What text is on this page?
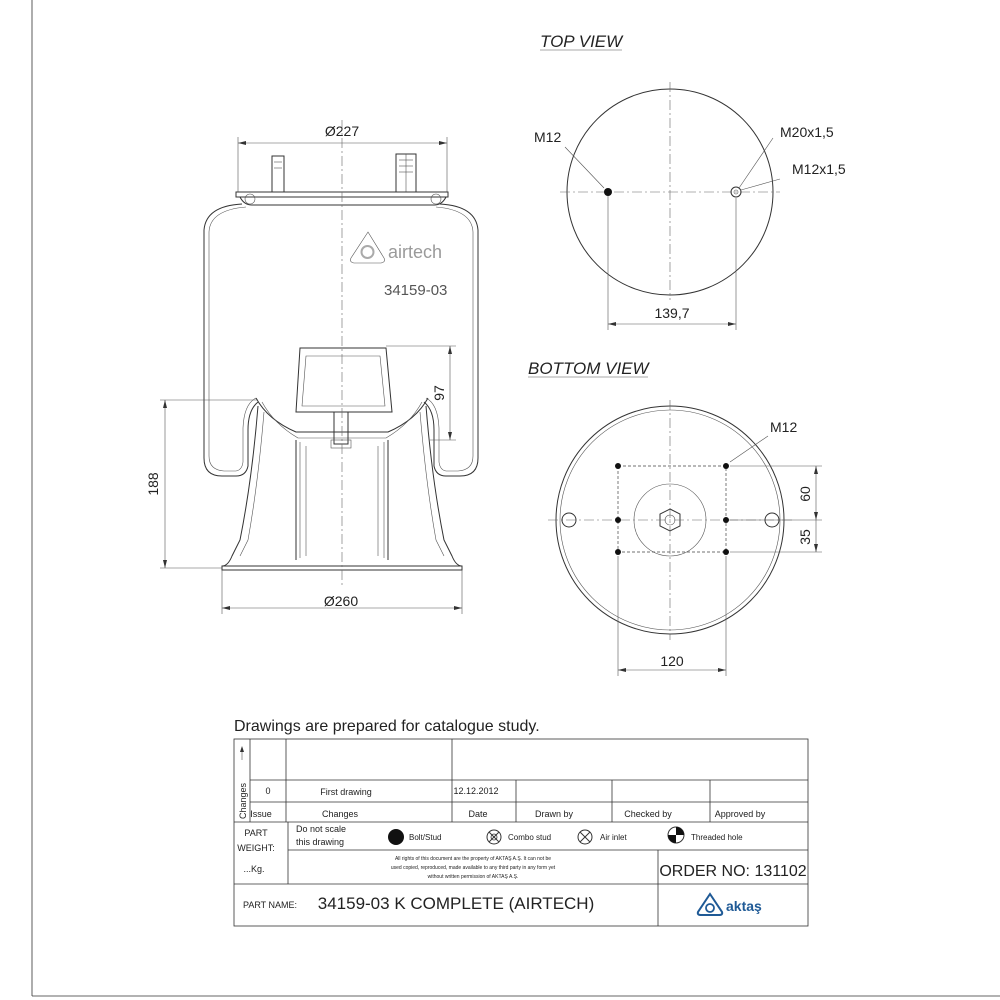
Ø227
airtech
34159-03
188
97
Ø260
TOP VIEW
M12	M20x1,5
M12x1,5
139,7
BOTTOM VIEW
M12
60
35
120
Drawings are prepared for catalogue study.
Changes 0	First drawing	12.12.2012
Issue	Changes	Date	Drawn by	Checked by	Approved by
PART
WEIGHT:
...Kg.
Do not scale
this drawing	Bolt/Stud	Combo stud	Air inlet	Threaded hole
All rights of this document are the property of AKTAŞ A.Ş. It can not be
used copied, reproduced, made available to any third party in any form yet
without written permission of AKTAŞ A.Ş.	ORDER NO: 131102
PART NAME: 34159-03 K COMPLETE (AIRTECH)	aktaş
